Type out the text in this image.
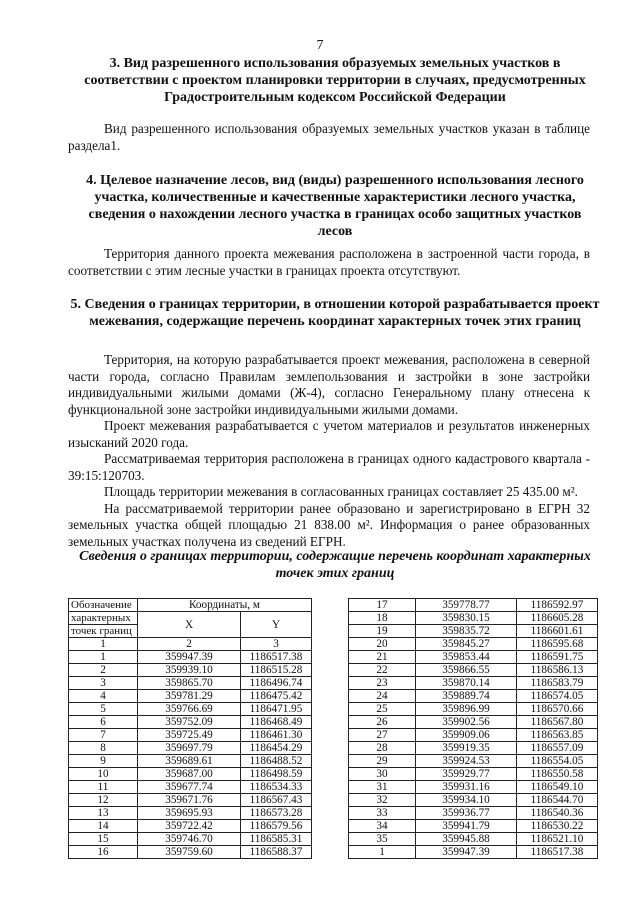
7
3. Вид разрешенного использования образуемых земельных участков в соответствии с проектом планировки территории в случаях, предусмотренных Градостроительным кодексом Российской Федерации

Вид разрешенного использования образуемых земельных участков указан в таблице раздела1.

4. Целевое назначение лесов, вид (виды) разрешенного использования лесного участка, количественные и качественные характеристики лесного участка, сведения о нахождении лесного участка в границах особо защитных участков лесов

Территория данного проекта межевания расположена в застроенной части города, в соответствии с этим лесные участки в границах проекта отсутствуют.

5. Сведения о границах территории, в отношении которой разрабатывается проект межевания, содержащие перечень координат характерных точек этих границ

Территория, на которую разрабатывается проект межевания, расположена в северной части города, согласно Правилам землепользования и застройки в зоне застройки индивидуальными жилыми домами (Ж-4), согласно Генеральному плану отнесена к функциональной зоне застройки индивидуальными жилыми домами.

Проект межевания разрабатывается с учетом материалов и результатов инженерных изысканий 2020 года.

Рассматриваемая территория расположена в границах одного кадастрового квартала - 39:15:120703.

Площадь территории межевания в согласованных границах составляет 25 435.00 м².

На рассматриваемой территории ранее образовано и зарегистрировано в ЕГРН 32 земельных участка общей площадью 21 838.00 м². Информация о ранее образованных земельных участках получена из сведений ЕГРН.

Сведения о границах территории, содержащие перечень координат характерных точек этих границ
Обозначение	Координаты, м	
характерных	X	Y
точек границ		
1	2	3
1	359947.39	1186517.38
2	359939.10	1186515.28
3	359865.70	1186496.74
4	359781.29	1186475.42
5	359766.69	1186471.95
6	359752.09	1186468.49
7	359725.49	1186461.30
8	359697.79	1186454.29
9	359689.61	1186488.52
10	359687.00	1186498.59
11	359677.74	1186534.33
12	359671.76	1186567.43
13	359695.93	1186573.28
14	359722.42	1186579.56
15	359746.70	1186585.31
16	359759.60	1186588.37
17	359778.77	1186592.97
18	359830.15	1186605.28
19	359835.72	1186601.61
20	359845.27	1186595.68
21	359853.44	1186591.75
22	359866.55	1186586.13
23	359870.14	1186583.79
24	359889.74	1186574.05
25	359896.99	1186570.66
26	359902.56	1186567.80
27	359909.06	1186563.85
28	359919.35	1186557.09
29	359924.53	1186554.05
30	359929.77	1186550.58
31	359931.16	1186549.10
32	359934.10	1186544.70
33	359936.77	1186540.36
34	359941.79	1186530.22
35	359945.88	1186521.10
1	359947.39	1186517.38
